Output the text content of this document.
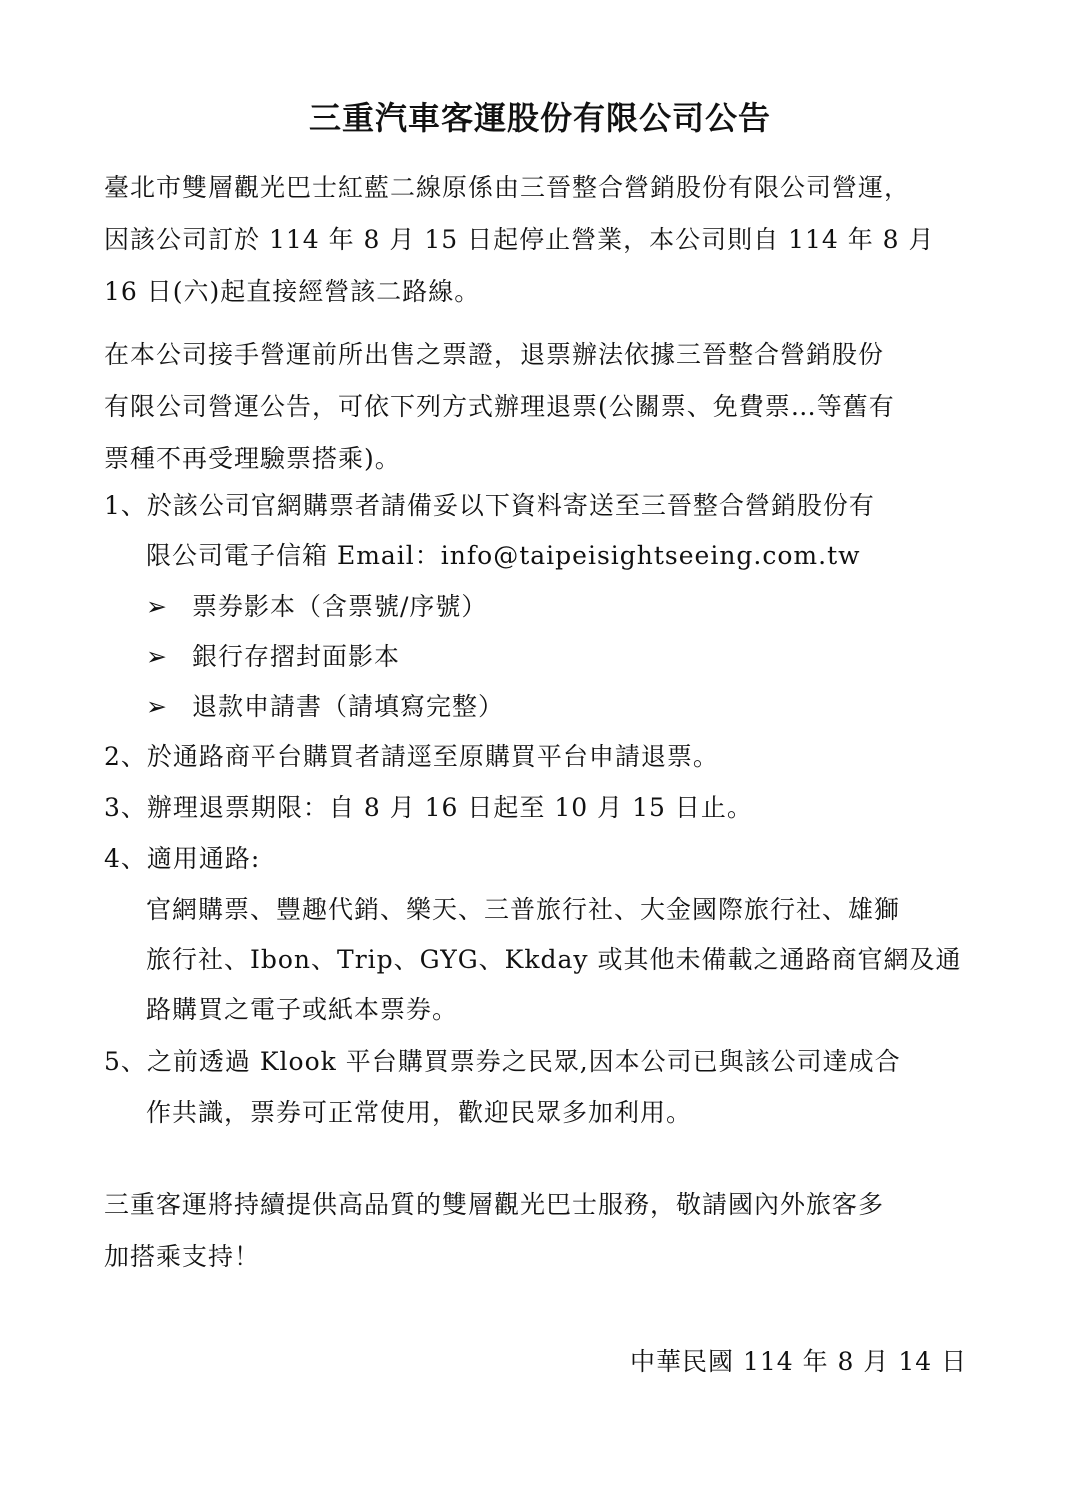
三重汽車客運股份有限公司公告

臺北市雙層觀光巴士紅藍二線原係由三晉整合營銷股份有限公司營運，
因該公司訂於 114 年 8 月 15 日起停止營業，本公司則自 114 年 8 月
16 日(六)起直接經營該二路線。

在本公司接手營運前所出售之票證，退票辦法依據三晉整合營銷股份
有限公司營運公告，可依下列方式辦理退票(公關票、免費票…等舊有
票種不再受理驗票搭乘)。

1、於該公司官網購票者請備妥以下資料寄送至三晉整合營銷股份有
限公司電子信箱 Email：info@taipeisightseeing.com.tw
➢ 票券影本（含票號/序號）
➢ 銀行存摺封面影本
➢ 退款申請書（請填寫完整）
2、於通路商平台購買者請逕至原購買平台申請退票。
3、辦理退票期限：自 8 月 16 日起至 10 月 15 日止。
4、適用通路:
官網購票、豐趣代銷、樂天、三普旅行社、大金國際旅行社、雄獅
旅行社、Ibon、Trip、GYG、Kkday 或其他未備載之通路商官網及通
路購買之電子或紙本票券。
5、之前透過 Klook 平台購買票券之民眾,因本公司已與該公司達成合
作共識，票券可正常使用，歡迎民眾多加利用。

三重客運將持續提供高品質的雙層觀光巴士服務，敬請國內外旅客多
加搭乘支持！

中華民國 114 年 8 月 14 日
